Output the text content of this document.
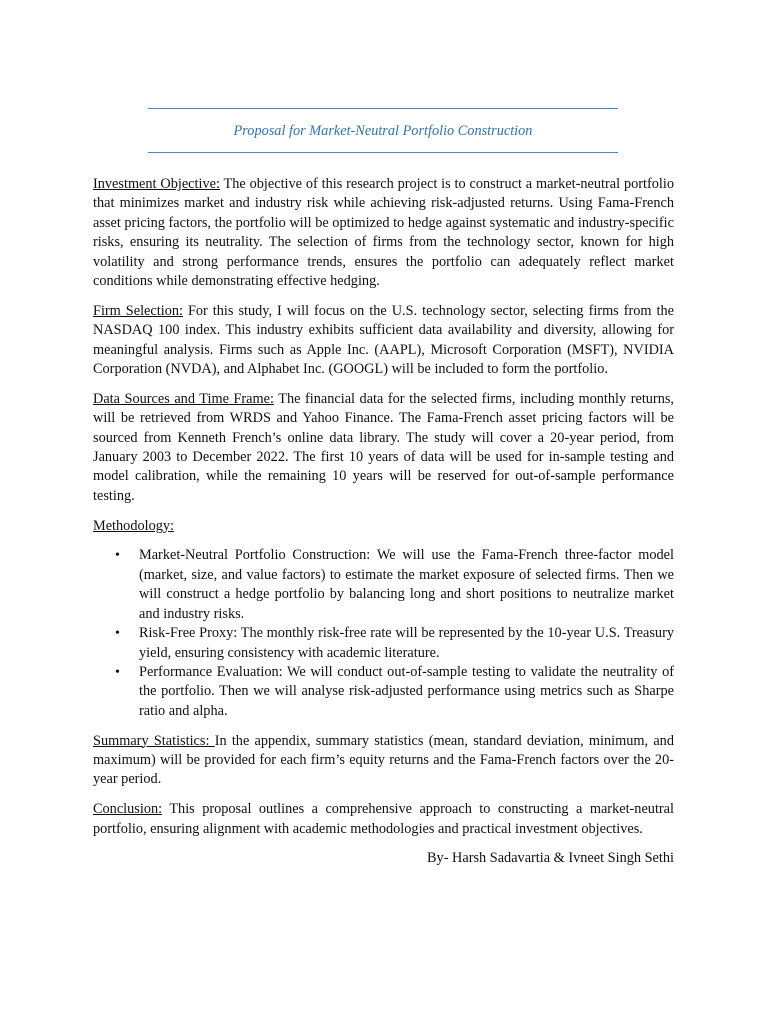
Proposal for Market-Neutral Portfolio Construction

Investment Objective: The objective of this research project is to construct a market-neutral portfolio that minimizes market and industry risk while achieving risk-adjusted returns. Using Fama-French asset pricing factors, the portfolio will be optimized to hedge against systematic and industry-specific risks, ensuring its neutrality. The selection of firms from the technology sector, known for high volatility and strong performance trends, ensures the portfolio can adequately reflect market conditions while demonstrating effective hedging.

Firm Selection: For this study, I will focus on the U.S. technology sector, selecting firms from the NASDAQ 100 index. This industry exhibits sufficient data availability and diversity, allowing for meaningful analysis. Firms such as Apple Inc. (AAPL), Microsoft Corporation (MSFT), NVIDIA Corporation (NVDA), and Alphabet Inc. (GOOGL) will be included to form the portfolio.

Data Sources and Time Frame: The financial data for the selected firms, including monthly returns, will be retrieved from WRDS and Yahoo Finance. The Fama-French asset pricing factors will be sourced from Kenneth French’s online data library. The study will cover a 20-year period, from January 2003 to December 2022. The first 10 years of data will be used for in-sample testing and model calibration, while the remaining 10 years will be reserved for out-of-sample performance testing.

Methodology:

• Market-Neutral Portfolio Construction: We will use the Fama-French three-factor model (market, size, and value factors) to estimate the market exposure of selected firms. Then we will construct a hedge portfolio by balancing long and short positions to neutralize market and industry risks.
• Risk-Free Proxy: The monthly risk-free rate will be represented by the 10-year U.S. Treasury yield, ensuring consistency with academic literature.
• Performance Evaluation: We will conduct out-of-sample testing to validate the neutrality of the portfolio. Then we will analyse risk-adjusted performance using metrics such as Sharpe ratio and alpha.

Summary Statistics: In the appendix, summary statistics (mean, standard deviation, minimum, and maximum) will be provided for each firm’s equity returns and the Fama-French factors over the 20-year period.

Conclusion: This proposal outlines a comprehensive approach to constructing a market-neutral portfolio, ensuring alignment with academic methodologies and practical investment objectives.

By- Harsh Sadavartia & Ivneet Singh Sethi
